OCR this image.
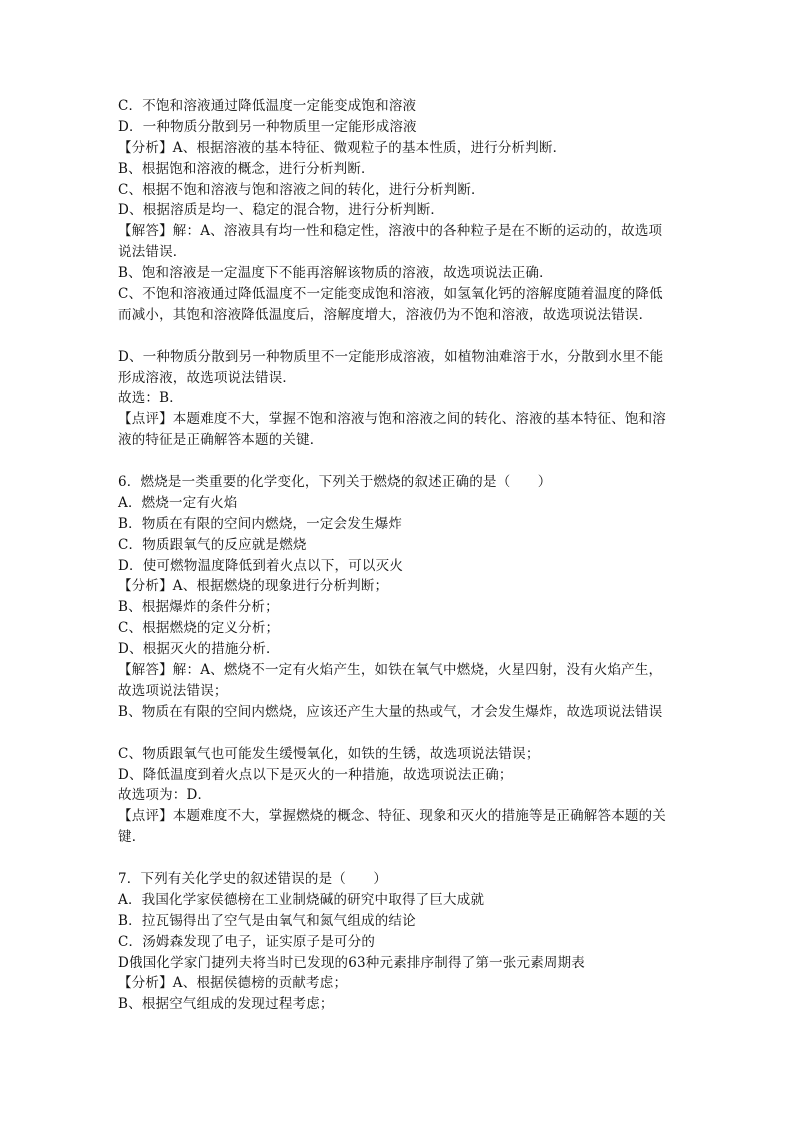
C．不饱和溶液通过降低温度一定能变成饱和溶液
D．一种物质分散到另一种物质里一定能形成溶液
【分析】A、根据溶液的基本特征、微观粒子的基本性质，进行分析判断．
B、根据饱和溶液的概念，进行分析判断．
C、根据不饱和溶液与饱和溶液之间的转化，进行分析判断．
D、根据溶质是均一、稳定的混合物，进行分析判断．
【解答】解：A、溶液具有均一性和稳定性，溶液中的各种粒子是在不断的运动的，故选项
说法错误．
B、饱和溶液是一定温度下不能再溶解该物质的溶液，故选项说法正确．
C、不饱和溶液通过降低温度不一定能变成饱和溶液，如氢氧化钙的溶解度随着温度的降低
而减小，其饱和溶液降低温度后，溶解度增大，溶液仍为不饱和溶液，故选项说法错误．
D、一种物质分散到另一种物质里不一定能形成溶液，如植物油难溶于水，分散到水里不能
形成溶液，故选项说法错误．
故选：B．
【点评】本题难度不大，掌握不饱和溶液与饱和溶液之间的转化、溶液的基本特征、饱和溶
液的特征是正确解答本题的关键．
6．燃烧是一类重要的化学变化，下列关于燃烧的叙述正确的是（　　）
A．燃烧一定有火焰
B．物质在有限的空间内燃烧，一定会发生爆炸
C．物质跟氧气的反应就是燃烧
D．使可燃物温度降低到着火点以下，可以灭火
【分析】A、根据燃烧的现象进行分析判断；
B、根据爆炸的条件分析；
C、根据燃烧的定义分析；
D、根据灭火的措施分析．
【解答】解：A、燃烧不一定有火焰产生，如铁在氧气中燃烧，火星四射，没有火焰产生，
故选项说法错误；
B、物质在有限的空间内燃烧，应该还产生大量的热或气，才会发生爆炸，故选项说法错误
C、物质跟氧气也可能发生缓慢氧化，如铁的生锈，故选项说法错误；
D、降低温度到着火点以下是灭火的一种措施，故选项说法正确；
故选项为：D．
【点评】本题难度不大，掌握燃烧的概念、特征、现象和灭火的措施等是正确解答本题的关
键．
7．下列有关化学史的叙述错误的是（　　）
A．我国化学家侯德榜在工业制烧碱的研究中取得了巨大成就
B．拉瓦锡得出了空气是由氧气和氮气组成的结论
C．汤姆森发现了电子，证实原子是可分的
D俄国化学家门捷列夫将当时已发现的63种元素排序制得了第一张元素周期表
【分析】A、根据侯德榜的贡献考虑；
B、根据空气组成的发现过程考虑；
